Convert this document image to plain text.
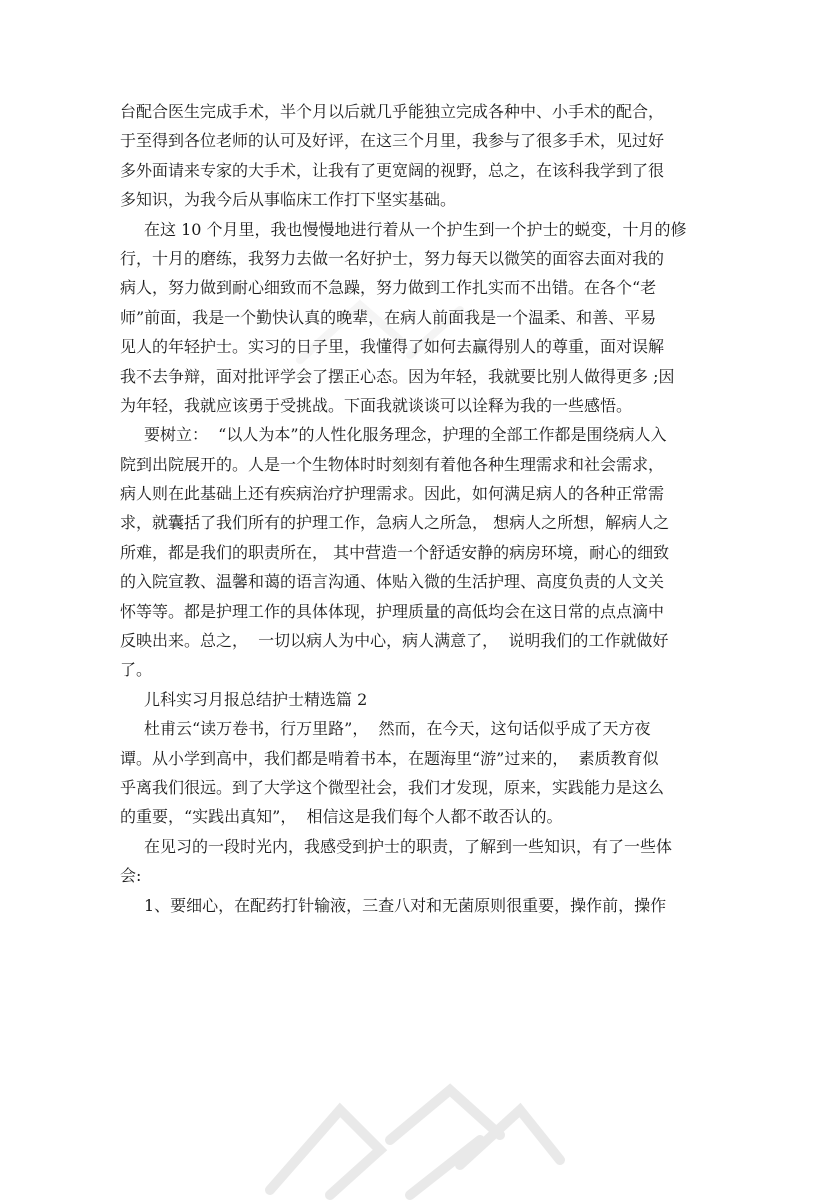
台配合医生完成手术，半个月以后就几乎能独立完成各种中、小手术的配合，
于至得到各位老师的认可及好评，在这三个月里，我参与了很多手术，见过好
多外面请来专家的大手术，让我有了更宽阔的视野，总之，在该科我学到了很
多知识，为我今后从事临床工作打下坚实基础。
在这 10 个月里，我也慢慢地进行着从一个护生到一个护士的蜕变，十月的修
行，十月的磨练，我努力去做一名好护士，努力每天以微笑的面容去面对我的
病人，努力做到耐心细致而不急躁，努力做到工作扎实而不出错。在各个“老
师”前面，我是一个勤快认真的晚辈，在病人前面我是一个温柔、和善、平易
见人的年轻护士。实习的日子里，我懂得了如何去赢得别人的尊重，面对误解
我不去争辩，面对批评学会了摆正心态。因为年轻，我就要比别人做得更多 ;因
为年轻，我就应该勇于受挑战。下面我就谈谈可以诠释为我的一些感悟。
要树立：  “以人为本”的人性化服务理念，护理的全部工作都是围绕病人入
院到出院展开的。人是一个生物体时时刻刻有着他各种生理需求和社会需求，
病人则在此基础上还有疾病治疗护理需求。因此，如何满足病人的各种正常需
求，就囊括了我们所有的护理工作，急病人之所急， 想病人之所想，解病人之
所难，都是我们的职责所在， 其中营造一个舒适安静的病房环境，耐心的细致
的入院宣教、温馨和蔼的语言沟通、体贴入微的生活护理、高度负责的人文关
怀等等。都是护理工作的具体体现，护理质量的高低均会在这日常的点点滴中
反映出来。总之，  一切以病人为中心，病人满意了，  说明我们的工作就做好
了。
儿科实习月报总结护士精选篇 2
杜甫云“读万卷书，行万里路”，  然而，在今天，这句话似乎成了天方夜
谭。从小学到高中，我们都是啃着书本，在题海里“游”过来的，  素质教育似
乎离我们很远。到了大学这个微型社会，我们才发现，原来，实践能力是这么
的重要，“实践出真知”，  相信这是我们每个人都不敢否认的。
在见习的一段时光内，我感受到护士的职责，了解到一些知识，有了一些体
会:
1、要细心，在配药打针输液，三查八对和无菌原则很重要，操作前，操作
